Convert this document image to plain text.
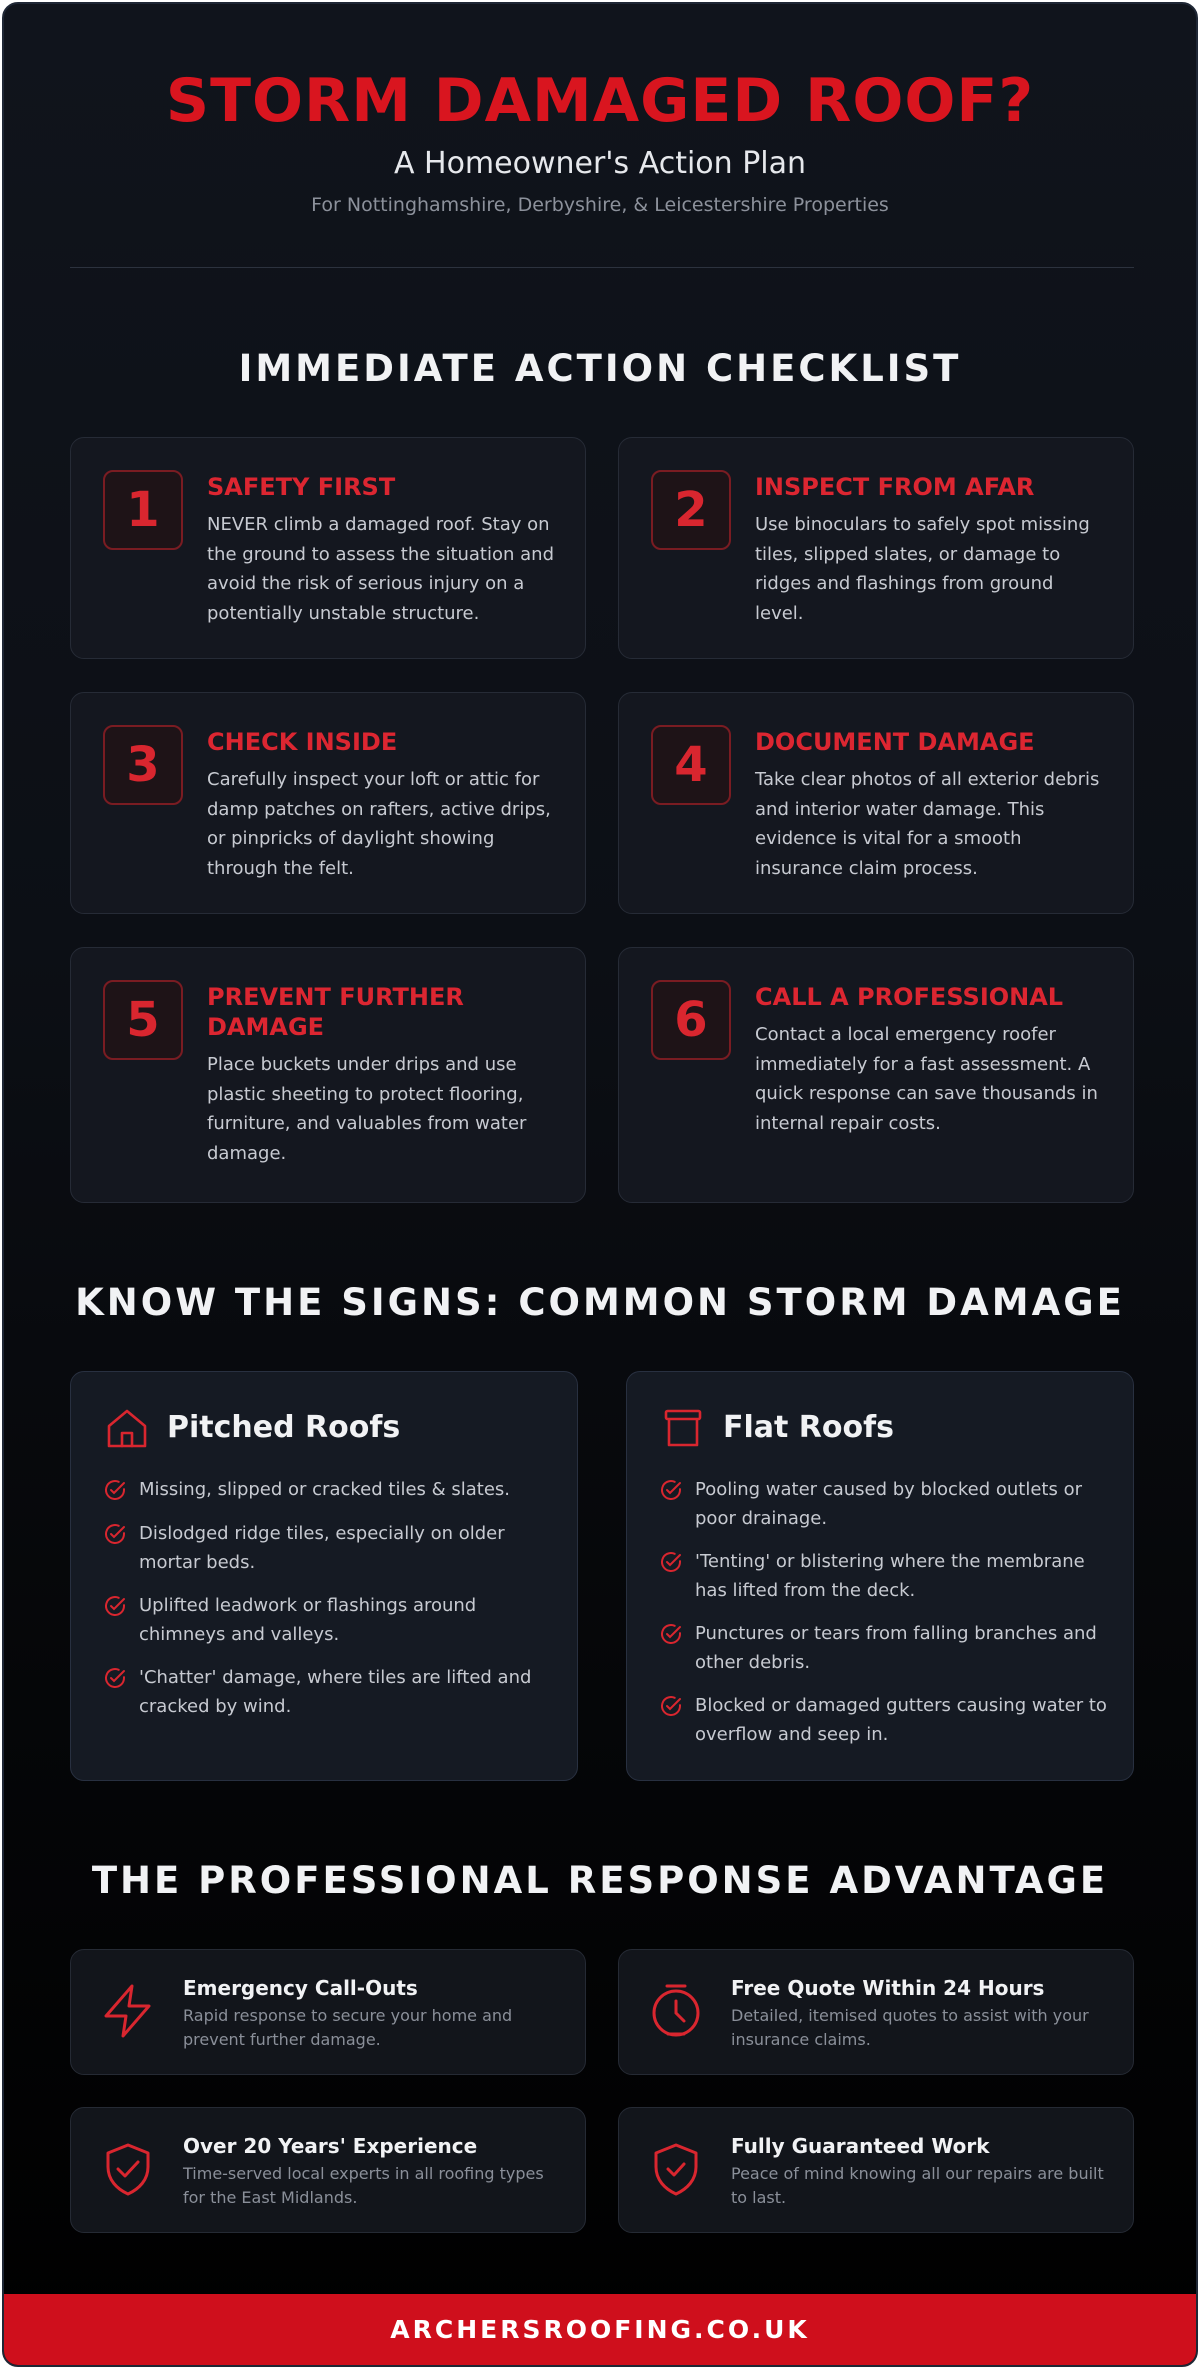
STORM DAMAGED ROOF?
A Homeowner's Action Plan
For Nottinghamshire, Derbyshire, & Leicestershire Properties
IMMEDIATE ACTION CHECKLIST
1	SAFETY FIRST
NEVER climb a damaged roof. Stay on the ground to assess the situation and avoid the risk of serious injury on a potentially unstable structure.
2	INSPECT FROM AFAR
Use binoculars to safely spot missing tiles, slipped slates, or damage to ridges and flashings from ground level.
3	CHECK INSIDE
Carefully inspect your loft or attic for damp patches on rafters, active drips, or pinpricks of daylight showing through the felt.
4	DOCUMENT DAMAGE
Take clear photos of all exterior debris and interior water damage. This evidence is vital for a smooth insurance claim process.
5	PREVENT FURTHER DAMAGE
Place buckets under drips and use plastic sheeting to protect flooring, furniture, and valuables from water damage.
6	CALL A PROFESSIONAL
Contact a local emergency roofer immediately for a fast assessment. A quick response can save thousands in internal repair costs.
KNOW THE SIGNS: COMMON STORM DAMAGE
Pitched Roofs
Missing, slipped or cracked tiles & slates.
Dislodged ridge tiles, especially on older mortar beds.
Uplifted leadwork or flashings around chimneys and valleys.
'Chatter' damage, where tiles are lifted and cracked by wind.
Flat Roofs
Pooling water caused by blocked outlets or poor drainage.
'Tenting' or blistering where the membrane has lifted from the deck.
Punctures or tears from falling branches and other debris.
Blocked or damaged gutters causing water to overflow and seep in.
THE PROFESSIONAL RESPONSE ADVANTAGE
Emergency Call-Outs
Rapid response to secure your home and prevent further damage.
Free Quote Within 24 Hours
Detailed, itemised quotes to assist with your insurance claims.
Over 20 Years' Experience
Time-served local experts in all roofing types for the East Midlands.
Fully Guaranteed Work
Peace of mind knowing all our repairs are built to last.
ARCHERSROOFING.CO.UK
